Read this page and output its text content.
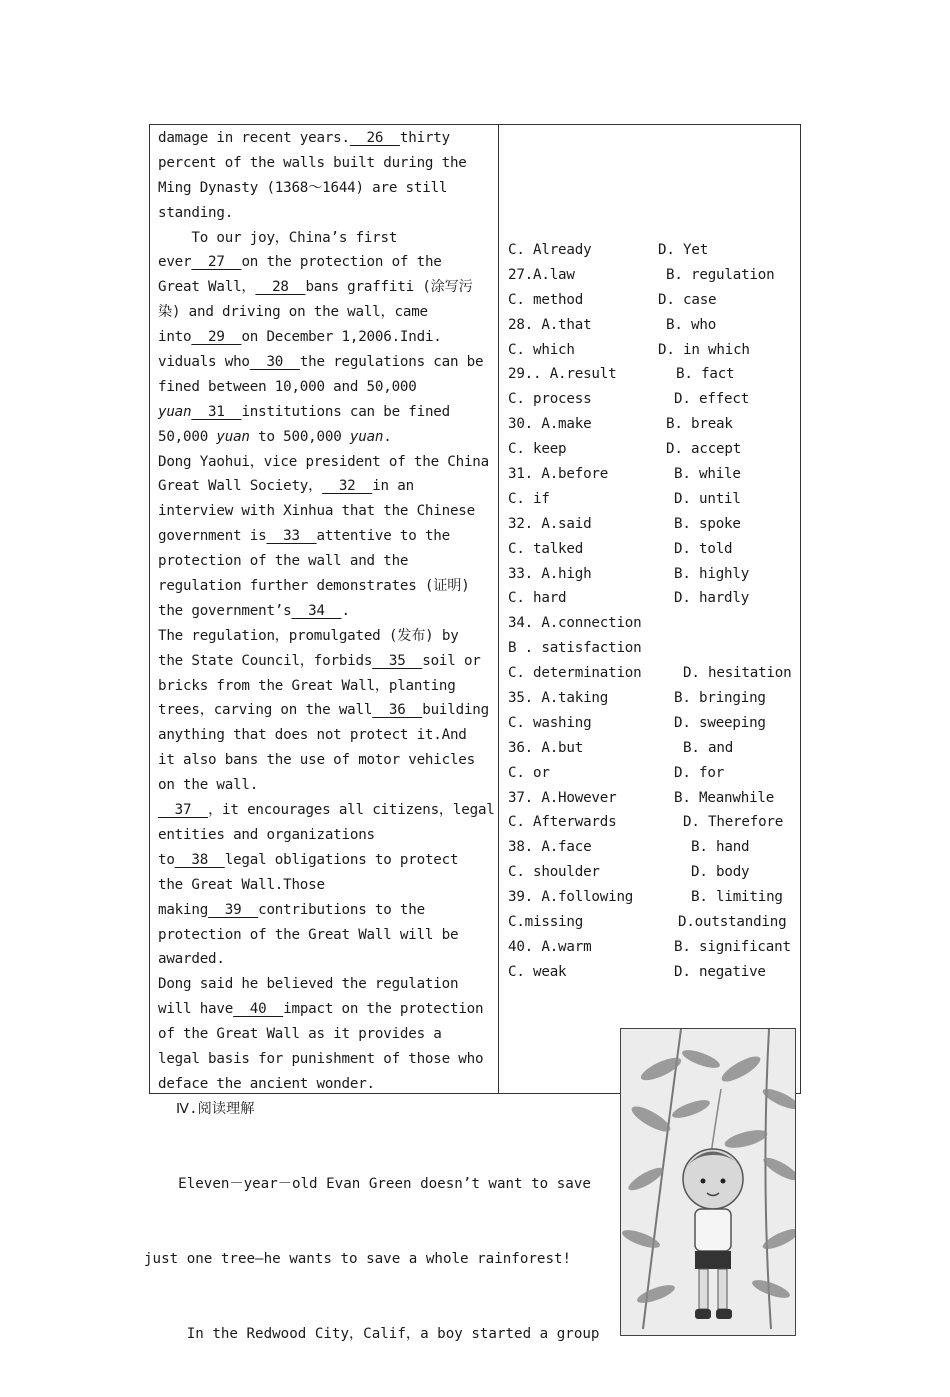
damage in recent years.  26  thirty
percent of the walls built during the
Ming Dynasty (1368～1644) are still
standing.
To our joy，China’s first
ever  27  on the protection of the
Great Wall，  28  bans graffiti (涂写污
染) and driving on the wall，came
into  29  on December 1,2006.Indi.
viduals who  30  the regulations can be
fined between 10,000 and 50,000
yuan  31  institutions can be fined
50,000 yuan to 500,000 yuan.
Dong Yaohui，vice president of the China
Great Wall Society，  32  in an
interview with Xinhua that the Chinese
government is  33  attentive to the
protection of the wall and the
regulation further demonstrates (证明)
the government’s  34  .
The regulation，promulgated (发布) by
the State Council，forbids  35  soil or
bricks from the Great Wall，planting
trees，carving on the wall  36  building
anything that does not protect it.And
it also bans the use of motor vehicles
on the wall.
37  ，it encourages all citizens，legal
entities and organizations
to  38  legal obligations to protect
the Great Wall.Those
making  39  contributions to the
protection of the Great Wall will be
awarded.
Dong said he believed the regulation
will have  40  impact on the protection
of the Great Wall as it provides a
legal basis for punishment of those who
deface the ancient wonder.
C. Already	D. Yet
27.A.law	B. regulation
C. method	D. case
28. A.that	B. who
C. which	D. in which
29.. A.result	B. fact
C. process	D. effect
30. A.make	B. break
C. keep	D. accept
31. A.before	B. while
C. if	D. until
32. A.said	B. spoke
C. talked	D. told
33. A.high	B. highly
C. hard	D. hardly
34. A.connection
B . satisfaction
C. determination	D. hesitation
35. A.taking	B. bringing
C. washing	D. sweeping
36. A.but	B. and
C. or	D. for
37. A.However	B. Meanwhile
C. Afterwards	D. Therefore
38. A.face	B. hand
C. shoulder	D. body
39. A.following	B. limiting
C.missing	D.outstanding
40. A.warm	B. significant
C. weak	D. negative
Ⅳ.阅读理解

Eleven－year－old Evan Green doesn’t want to save

just one tree—he wants to save a whole rainforest!

In the Redwood City，Calif，a boy started a group
